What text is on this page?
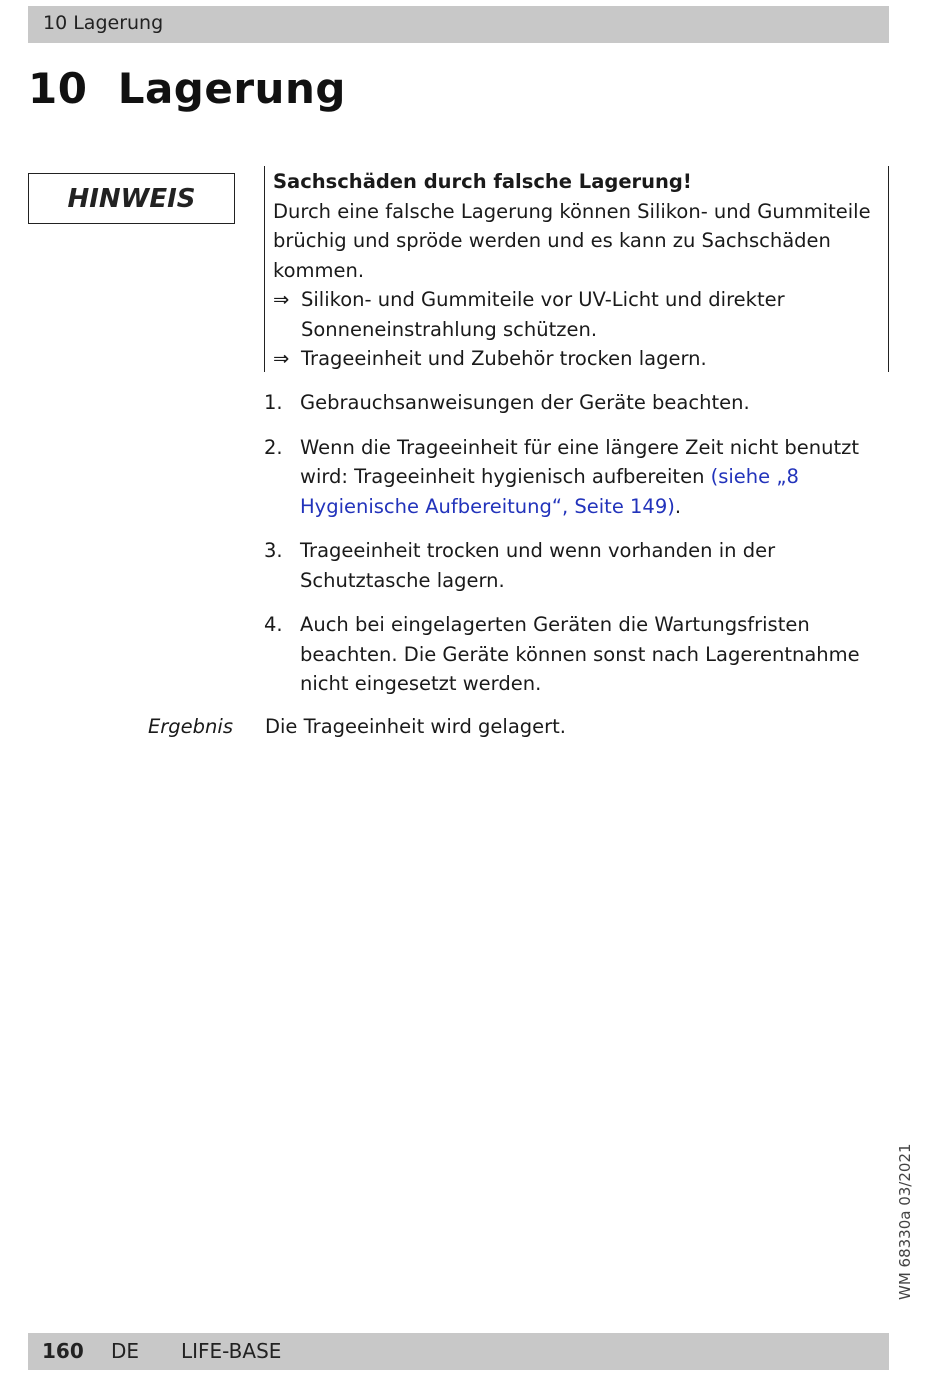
10 Lagerung
10  Lagerung
HINWEIS
Sachschäden durch falsche Lagerung!
Durch eine falsche Lagerung können Silikon- und Gummiteile brüchig und spröde werden und es kann zu Sachschäden kommen.
⇒ Silikon- und Gummiteile vor UV-Licht und direkter Sonneneinstrahlung schützen.
⇒ Trageeinheit und Zubehör trocken lagern.
1. Gebrauchsanweisungen der Geräte beachten.
2. Wenn die Trageeinheit für eine längere Zeit nicht benutzt wird: Trageeinheit hygienisch aufbereiten (siehe „8 Hygienische Aufbereitung“, Seite 149).
3. Trageeinheit trocken und wenn vorhanden in der Schutztasche lagern.
4. Auch bei eingelagerten Geräten die Wartungsfristen beachten. Die Geräte können sonst nach Lagerentnahme nicht eingesetzt werden.
Ergebnis Die Trageeinheit wird gelagert.
WM 68330a 03/2021
160 DE LIFE-BASE
